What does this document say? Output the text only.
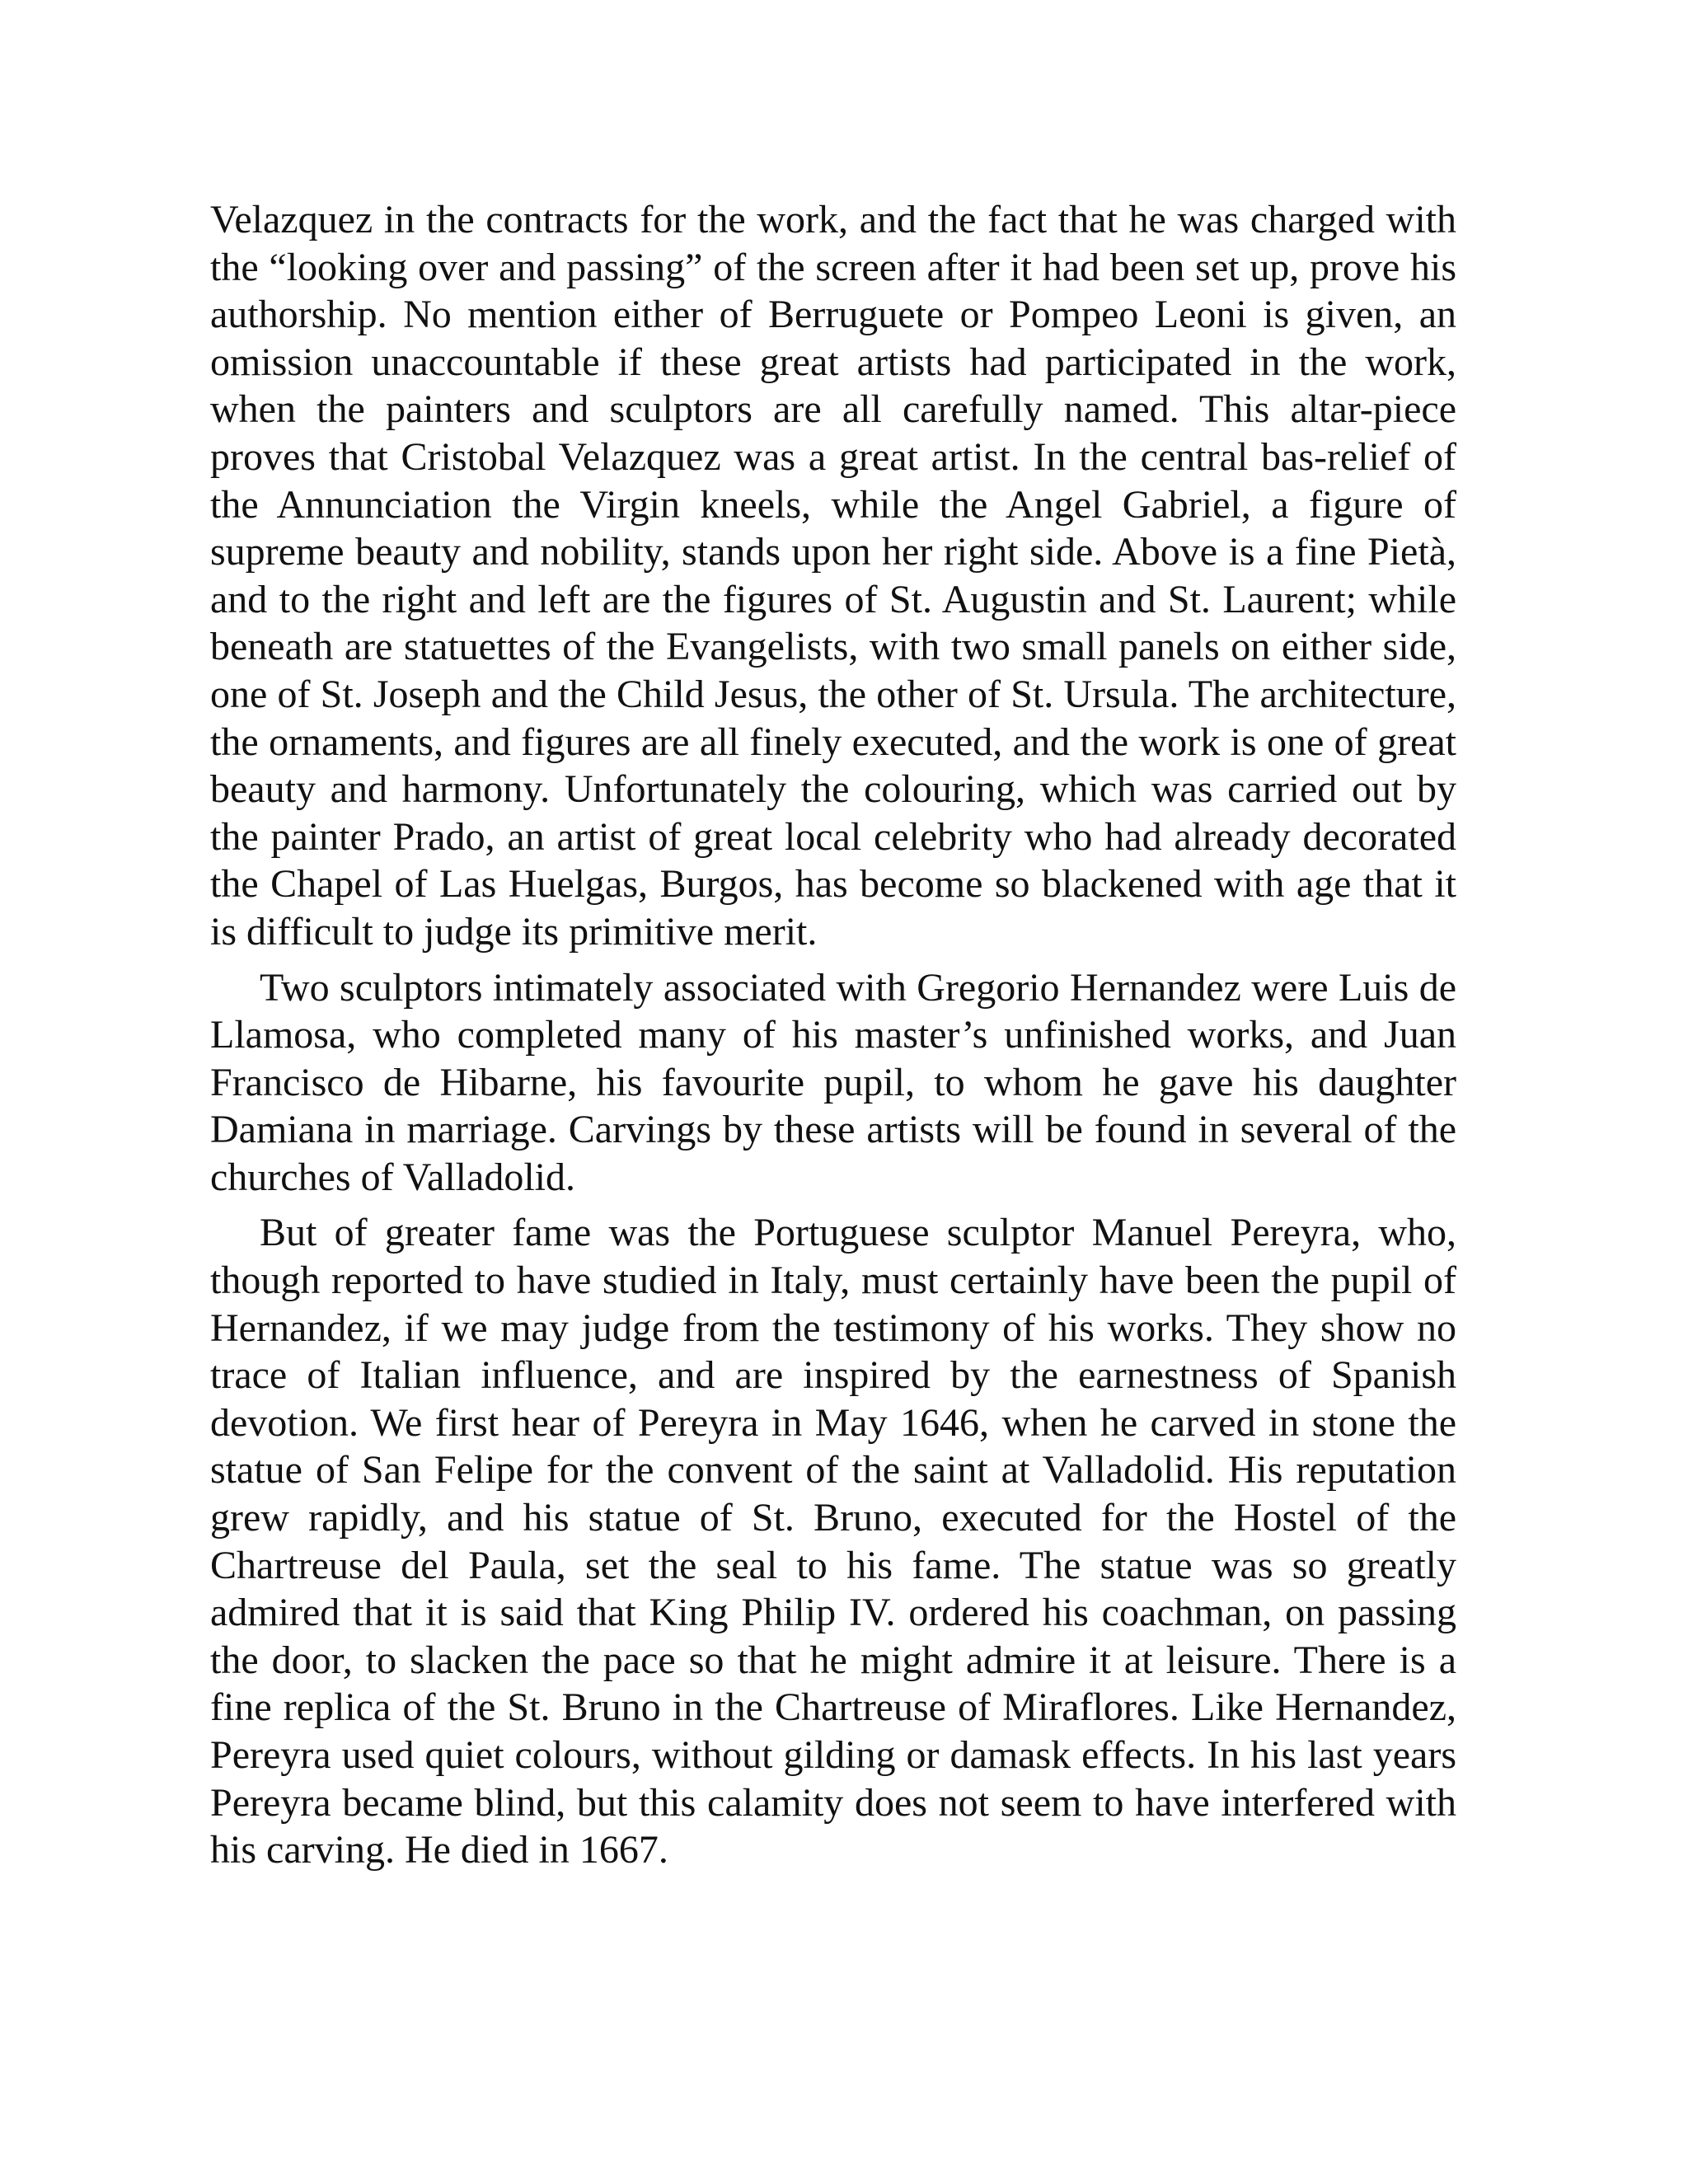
Velazquez in the contracts for the work, and the fact that he was charged with the “looking over and passing” of the screen after it had been set up, prove his authorship. No mention either of Berruguete or Pompeo Leoni is given, an omission unaccountable if these great artists had participated in the work, when the painters and sculptors are all carefully named. This altar-piece proves that Cristobal Velazquez was a great artist. In the central bas-relief of the Annunciation the Virgin kneels, while the Angel Gabriel, a figure of supreme beauty and nobility, stands upon her right side. Above is a fine Pietà, and to the right and left are the figures of St. Augustin and St. Laurent; while beneath are statuettes of the Evangelists, with two small panels on either side, one of St. Joseph and the Child Jesus, the other of St. Ursula. The architecture, the ornaments, and figures are all finely executed, and the work is one of great beauty and harmony. Unfortunately the colouring, which was carried out by the painter Prado, an artist of great local celebrity who had already decorated the Chapel of Las Huelgas, Burgos, has become so blackened with age that it is difficult to judge its primitive merit.

Two sculptors intimately associated with Gregorio Hernandez were Luis de Llamosa, who completed many of his master’s unfinished works, and Juan Francisco de Hibarne, his favourite pupil, to whom he gave his daughter Damiana in marriage. Carvings by these artists will be found in several of the churches of Valladolid.

But of greater fame was the Portuguese sculptor Manuel Pereyra, who, though reported to have studied in Italy, must certainly have been the pupil of Hernandez, if we may judge from the testimony of his works. They show no trace of Italian influence, and are inspired by the earnestness of Spanish devotion. We first hear of Pereyra in May 1646, when he carved in stone the statue of San Felipe for the convent of the saint at Valladolid. His reputation grew rapidly, and his statue of St. Bruno, executed for the Hostel of the Chartreuse del Paula, set the seal to his fame. The statue was so greatly admired that it is said that King Philip IV. ordered his coachman, on passing the door, to slacken the pace so that he might admire it at leisure. There is a fine replica of the St. Bruno in the Chartreuse of Miraflores. Like Hernandez, Pereyra used quiet colours, without gilding or damask effects. In his last years Pereyra became blind, but this calamity does not seem to have interfered with his carving. He died in 1667.
